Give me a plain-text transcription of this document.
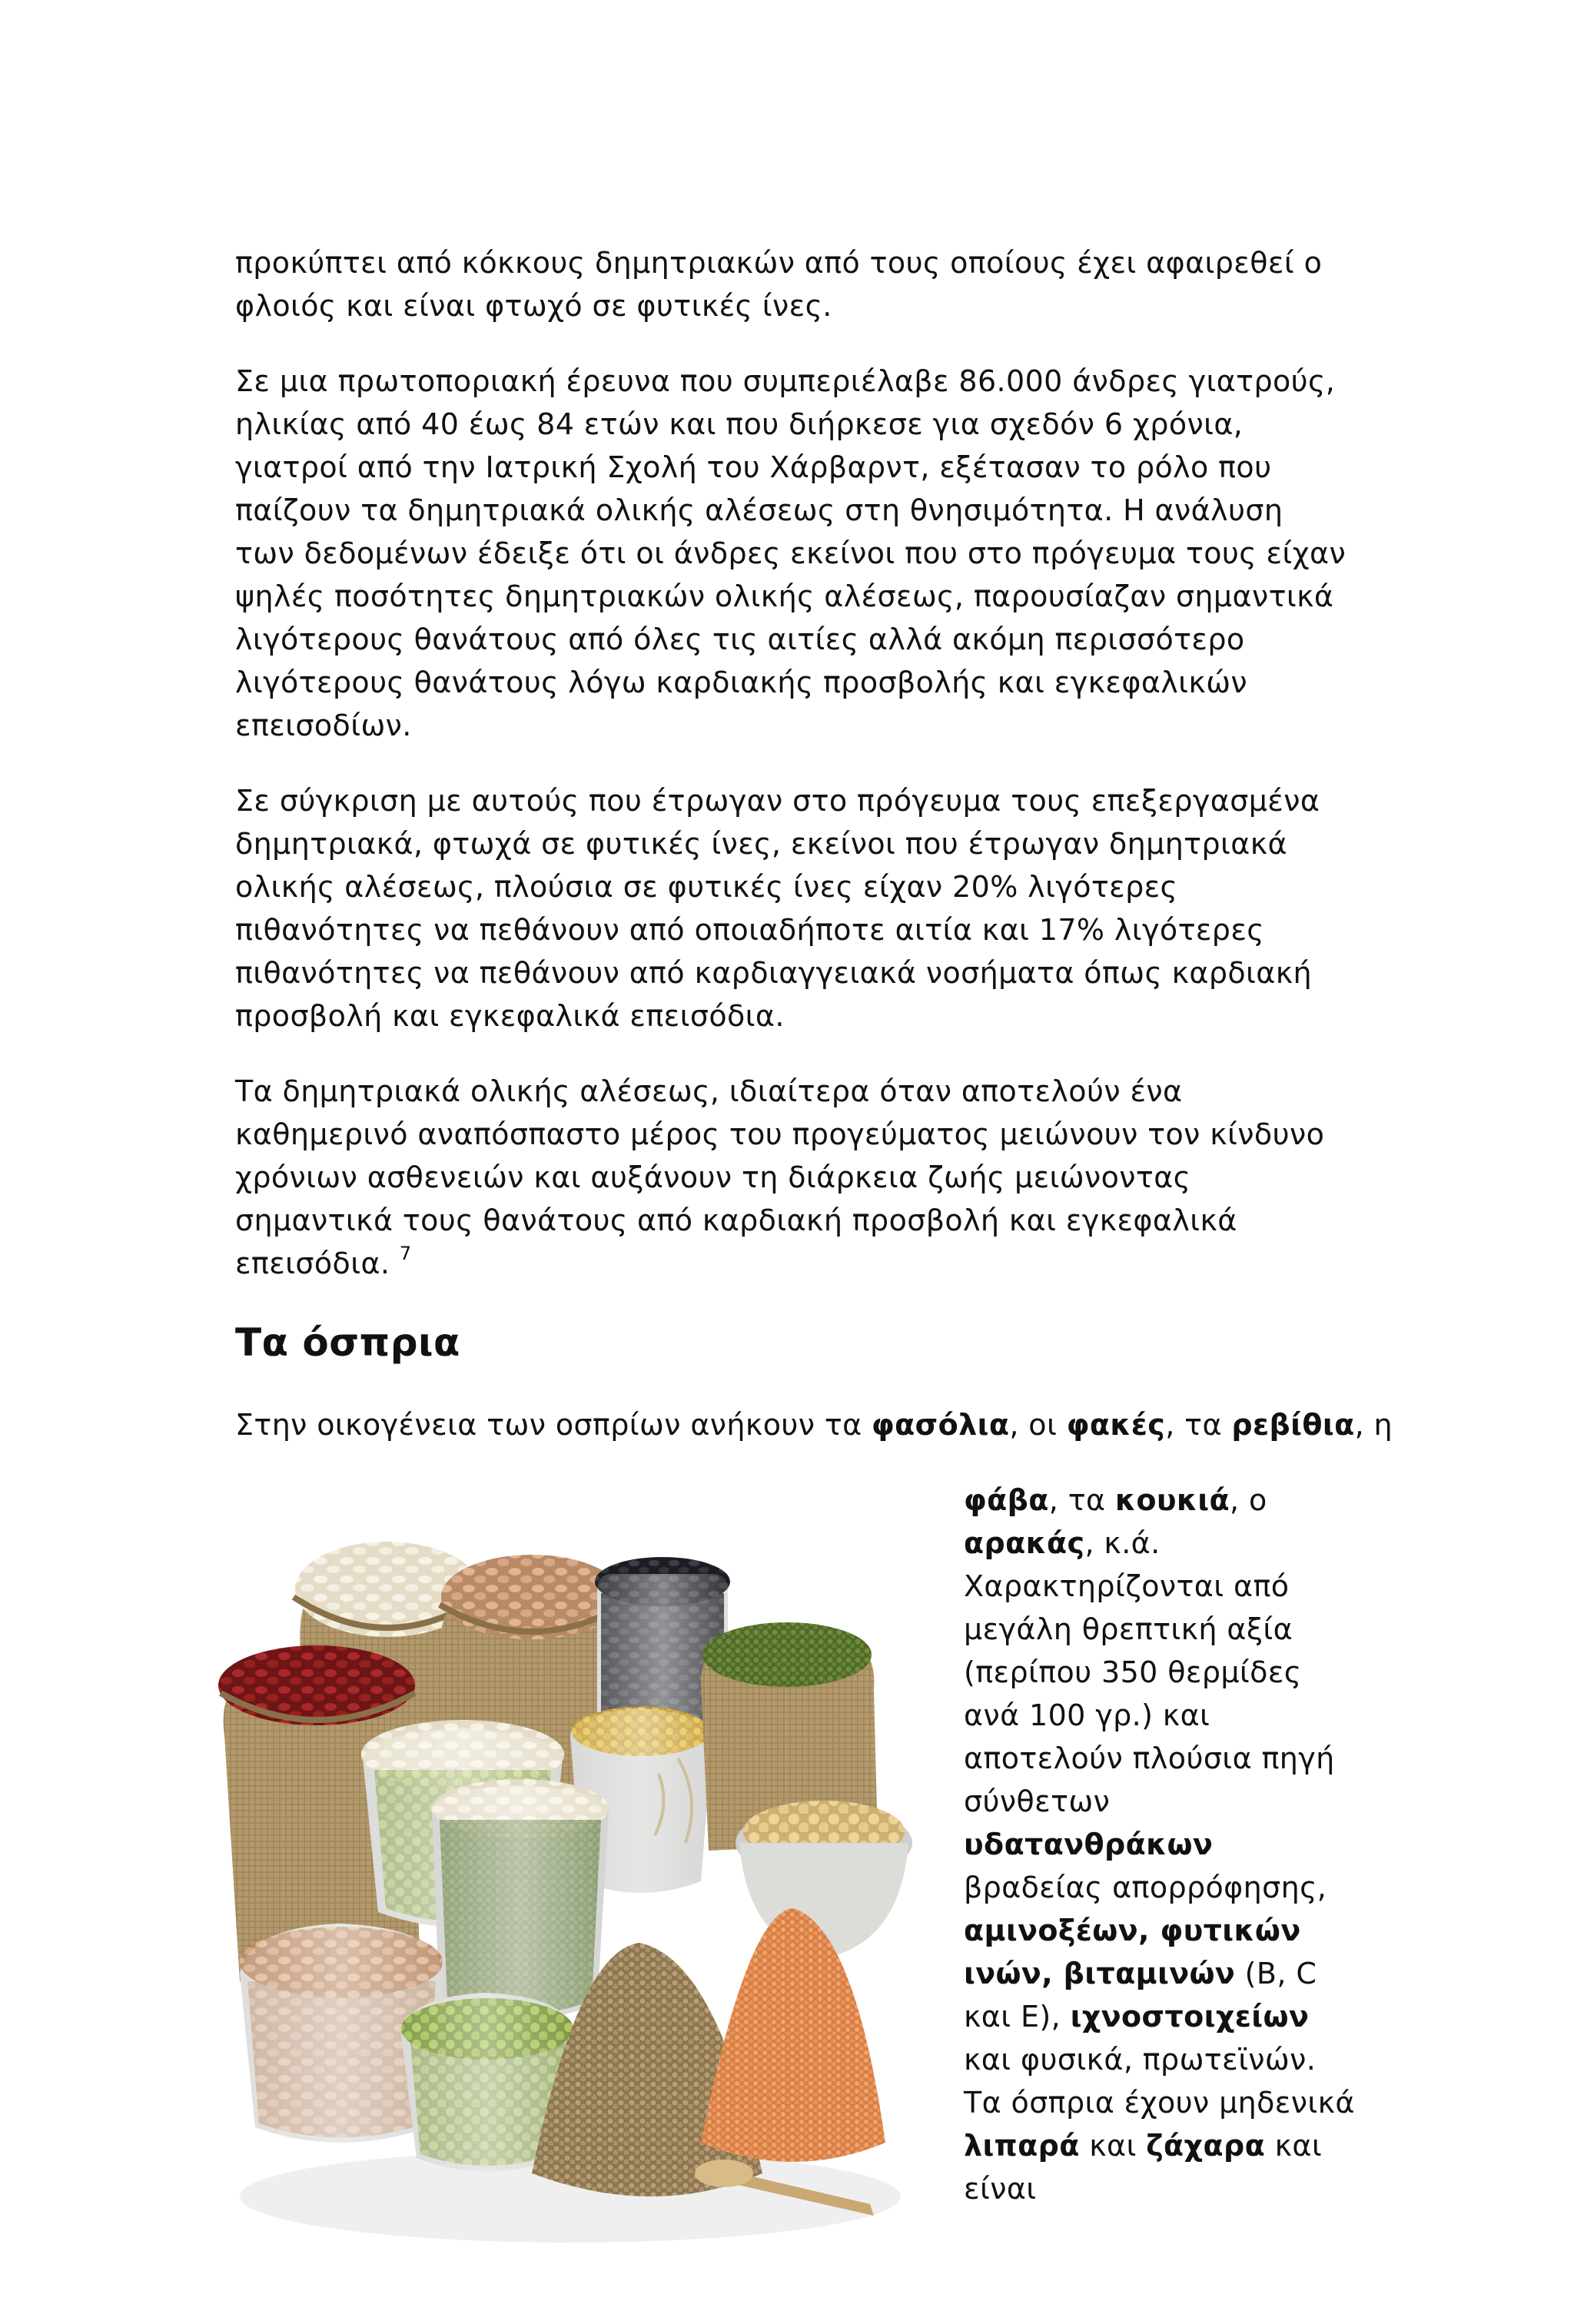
προκύπτει από κόκκους δημητριακών από τους οποίους έχει αφαιρεθεί ο φλοιός και είναι φτωχό σε φυτικές ίνες.

Σε μια πρωτοποριακή έρευνα που συμπεριέλαβε 86.000 άνδρες γιατρούς, ηλικίας από 40 έως 84 ετών και που διήρκεσε για σχεδόν 6 χρόνια, γιατροί από την Ιατρική Σχολή του Χάρβαρντ, εξέτασαν το ρόλο που παίζουν τα δημητριακά ολικής αλέσεως στη θνησιμότητα. Η ανάλυση των δεδομένων έδειξε ότι οι άνδρες εκείνοι που στο πρόγευμα τους είχαν ψηλές ποσότητες δημητριακών ολικής αλέσεως, παρουσίαζαν σημαντικά λιγότερους θανάτους από όλες τις αιτίες αλλά ακόμη περισσότερο λιγότερους θανάτους λόγω καρδιακής προσβολής και εγκεφαλικών επεισοδίων.

Σε σύγκριση με αυτούς που έτρωγαν στο πρόγευμα τους επεξεργασμένα δημητριακά, φτωχά σε φυτικές ίνες, εκείνοι που έτρωγαν δημητριακά ολικής αλέσεως, πλούσια σε φυτικές ίνες είχαν 20% λιγότερες πιθανότητες να πεθάνουν από οποιαδήποτε αιτία και 17% λιγότερες πιθανότητες να πεθάνουν από καρδιαγγειακά νοσήματα όπως καρδιακή προσβολή και εγκεφαλικά επεισόδια.

Τα δημητριακά ολικής αλέσεως, ιδιαίτερα όταν αποτελούν ένα καθημερινό αναπόσπαστο μέρος του προγεύματος μειώνουν τον κίνδυνο χρόνιων ασθενειών και αυξάνουν τη διάρκεια ζωής μειώνοντας σημαντικά τους θανάτους από καρδιακή προσβολή και εγκεφαλικά επεισόδια. $^7$

Τα όσπρια

Στην οικογένεια των οσπρίων ανήκουν τα φασόλια, οι φακές, τα ρεβίθια, η

φάβα, τα κουκιά, ο αρακάς, κ.ά. Χαρακτηρίζονται από μεγάλη θρεπτική αξία (περίπου 350 θερμίδες ανά 100 γρ.) και αποτελούν πλούσια πηγή σύνθετων υδατανθράκων βραδείας απορρόφησης, αμινοξέων, φυτικών ινών, βιταμινών (B, C και E), ιχνοστοιχείων και φυσικά, πρωτεϊνών. Τα όσπρια έχουν μηδενικά λιπαρά και ζάχαρα και είναι
